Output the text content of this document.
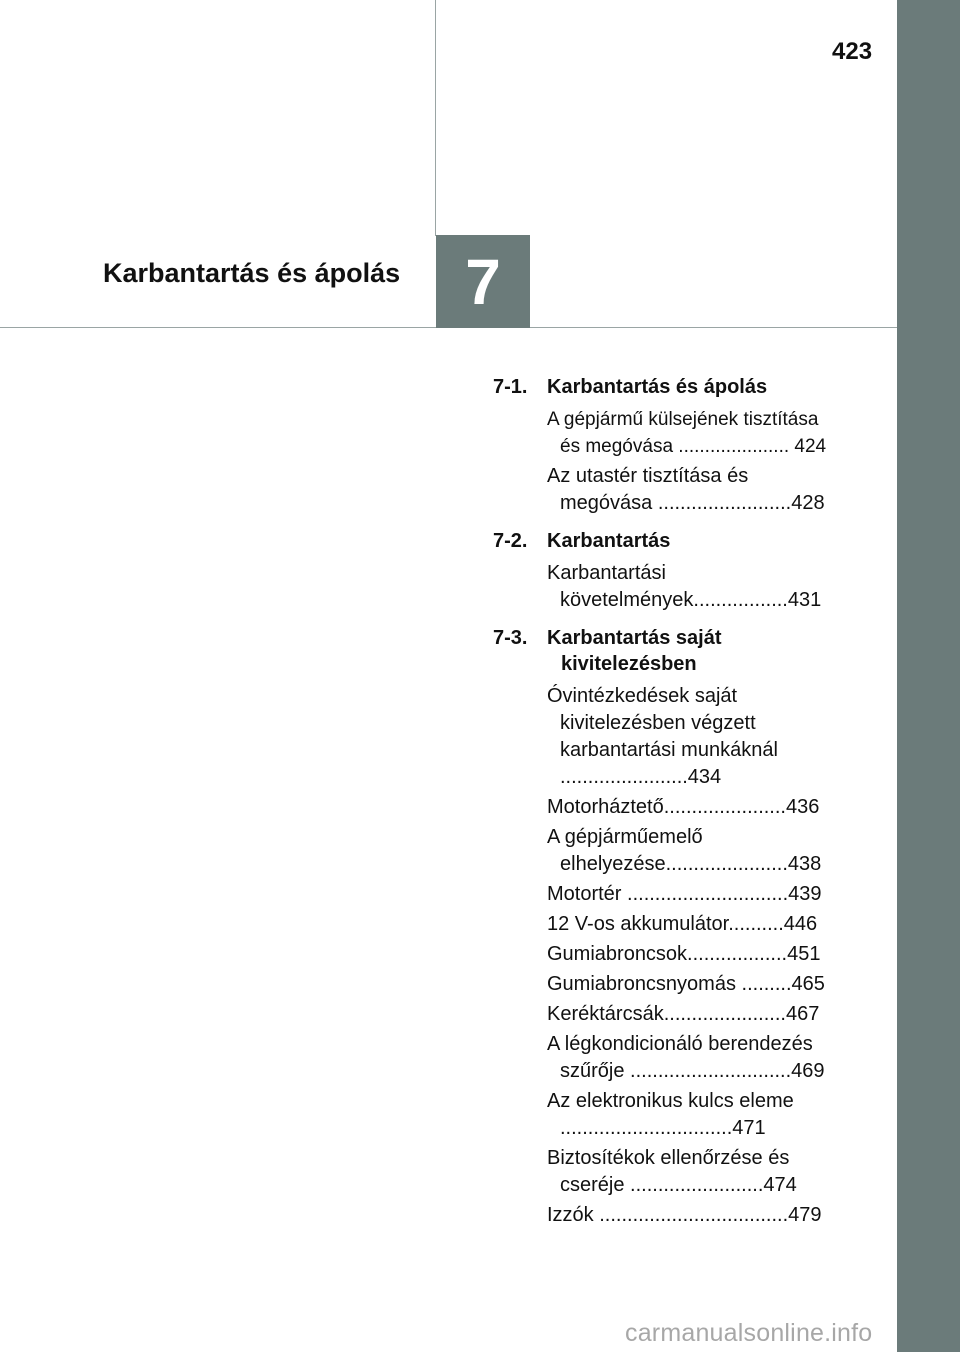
423
Karbantartás és ápolás 7
7-1. Karbantartás és ápolás
A gépjármű külsejének tisztítása és megóvása ..................... 424
Az utastér tisztítása és megóvása ........................428
7-2. Karbantartás
Karbantartási követelmények.................431
7-3. Karbantartás saját kivitelezésben
Óvintézkedések saját kivitelezésben végzett karbantartási munkáknál .......................434
Motorháztető......................436
A gépjárműemelő elhelyezése......................438
Motortér .............................439
12 V-os akkumulátor..........446
Gumiabroncsok..................451
Gumiabroncsnyomás .........465
Keréktárcsák......................467
A légkondicionáló berendezés szűrője .............................469
Az elektronikus kulcs eleme ...............................471
Biztosítékok ellenőrzése és cseréje ........................474
Izzók ..................................479
carmanualsonline.info
